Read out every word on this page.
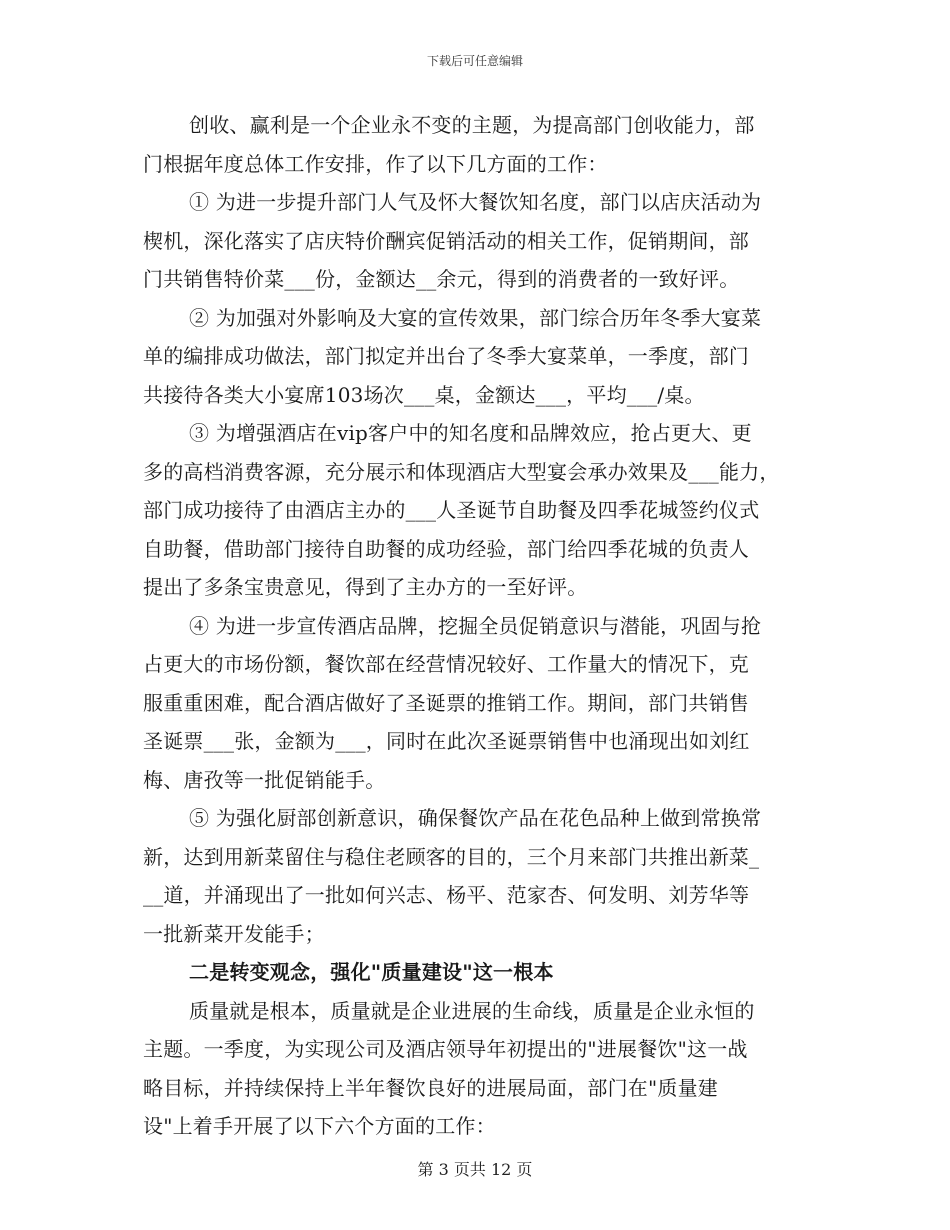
下载后可任意编辑
创收、赢利是一个企业永不变的主题，为提高部门创收能力，部
门根据年度总体工作安排，作了以下几方面的工作：
① 为进一步提升部门人气及怀大餐饮知名度，部门以店庆活动为
楔机，深化落实了店庆特价酬宾促销活动的相关工作，促销期间，部
门共销售特价菜___份，金额达__余元，得到的消费者的一致好评。
② 为加强对外影响及大宴的宣传效果，部门综合历年冬季大宴菜
单的编排成功做法，部门拟定并出台了冬季大宴菜单，一季度，部门
共接待各类大小宴席103场次___桌，金额达___，平均___/桌。
③ 为增强酒店在vip客户中的知名度和品牌效应，抢占更大、更
多的高档消费客源，充分展示和体现酒店大型宴会承办效果及___能力，
部门成功接待了由酒店主办的___人圣诞节自助餐及四季花城签约仪式
自助餐，借助部门接待自助餐的成功经验，部门给四季花城的负责人
提出了多条宝贵意见，得到了主办方的一至好评。
④ 为进一步宣传酒店品牌，挖掘全员促销意识与潜能，巩固与抢
占更大的市场份额，餐饮部在经营情况较好、工作量大的情况下，克
服重重困难，配合酒店做好了圣诞票的推销工作。期间，部门共销售
圣诞票___张，金额为___，同时在此次圣诞票销售中也涌现出如刘红
梅、唐孜等一批促销能手。
⑤ 为强化厨部创新意识，确保餐饮产品在花色品种上做到常换常
新，达到用新菜留住与稳住老顾客的目的，三个月来部门共推出新菜_
__道，并涌现出了一批如何兴志、杨平、范家杏、何发明、刘芳华等
一批新菜开发能手；
二是转变观念，强化"质量建设"这一根本
质量就是根本，质量就是企业进展的生命线，质量是企业永恒的
主题。一季度，为实现公司及酒店领导年初提出的"进展餐饮"这一战
略目标，并持续保持上半年餐饮良好的进展局面，部门在"质量建
设"上着手开展了以下六个方面的工作：
第 3 页共 12 页
